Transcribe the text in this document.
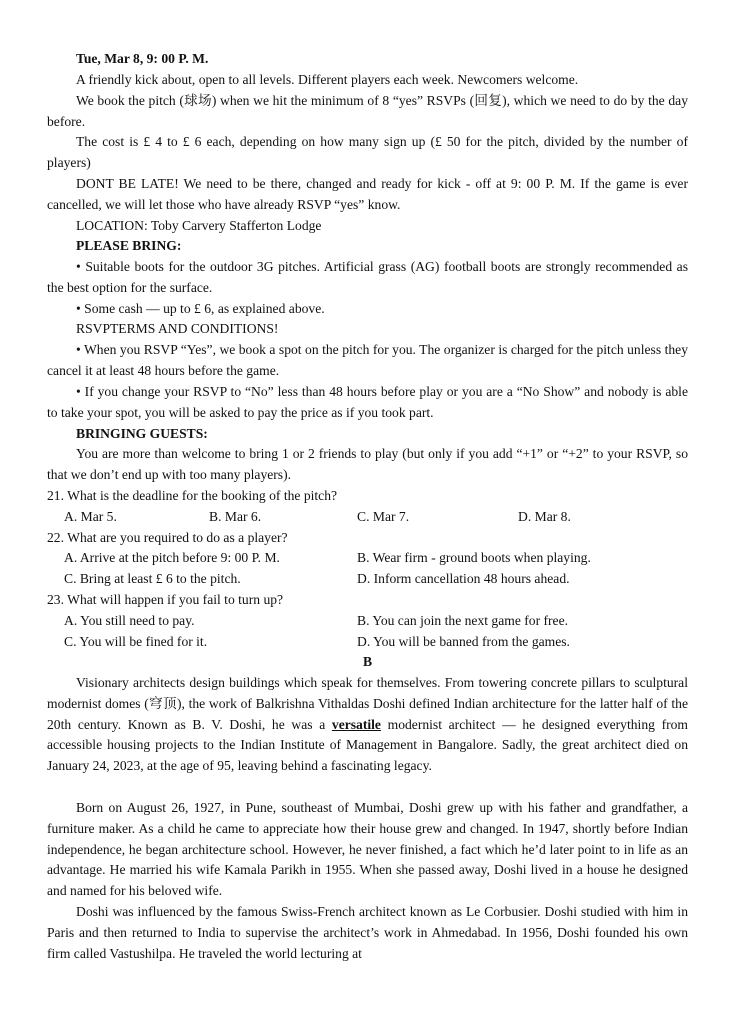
Tue, Mar 8, 9: 00 P. M.
A friendly kick about, open to all levels. Different players each week. Newcomers welcome.
We book the pitch (球场) when we hit the minimum of 8 “yes” RSVPs (回复), which we need to do by the day before.
The cost is £ 4 to £ 6 each, depending on how many sign up (£ 50 for the pitch, divided by the number of players)
DONT BE LATE! We need to be there, changed and ready for kick - off at 9: 00 P. M. If the game is ever cancelled, we will let those who have already RSVP “yes” know.
LOCATION: Toby Carvery Stafferton Lodge
PLEASE BRING:
• Suitable boots for the outdoor 3G pitches. Artificial grass (AG) football boots are strongly recommended as the best option for the surface.
• Some cash — up to £ 6, as explained above.
RSVPTERMS AND CONDITIONS!
• When you RSVP “Yes”, we book a spot on the pitch for you. The organizer is charged for the pitch unless they cancel it at least 48 hours before the game.
• If you change your RSVP to “No” less than 48 hours before play or you are a “No Show” and nobody is able to take your spot, you will be asked to pay the price as if you took part.
BRINGING GUESTS:
You are more than welcome to bring 1 or 2 friends to play (but only if you add “+1” or “+2” to your RSVP, so that we don’t end up with too many players).
21. What is the deadline for the booking of the pitch?
A. Mar 5.	B. Mar 6.	C. Mar 7.	D. Mar 8.
22. What are you required to do as a player?
A. Arrive at the pitch before 9: 00 P. M.	B. Wear firm - ground boots when playing.
C. Bring at least £ 6 to the pitch.	D. Inform cancellation 48 hours ahead.
23. What will happen if you fail to turn up?
A. You still need to pay.	B. You can join the next game for free.
C. You will be fined for it.	D. You will be banned from the games.
B
Visionary architects design buildings which speak for themselves. From towering concrete pillars to sculptural modernist domes (穹顶), the work of Balkrishna Vithaldas Doshi defined Indian architecture for the latter half of the 20th century. Known as B. V. Doshi, he was a versatile modernist architect — he designed everything from accessible housing projects to the Indian Institute of Management in Bangalore. Sadly, the great architect died on January 24, 2023, at the age of 95, leaving behind a fascinating legacy.
Born on August 26, 1927, in Pune, southeast of Mumbai, Doshi grew up with his father and grandfather, a furniture maker. As a child he came to appreciate how their house grew and changed. In 1947, shortly before Indian independence, he began architecture school. However, he never finished, a fact which he’d later point to in life as an advantage. He married his wife Kamala Parikh in 1955. When she passed away, Doshi lived in a house he designed and named for his beloved wife.
Doshi was influenced by the famous Swiss-French architect known as Le Corbusier. Doshi studied with him in Paris and then returned to India to supervise the architect’s work in Ahmedabad. In 1956, Doshi founded his own firm called Vastushilpa. He traveled the world lecturing at
